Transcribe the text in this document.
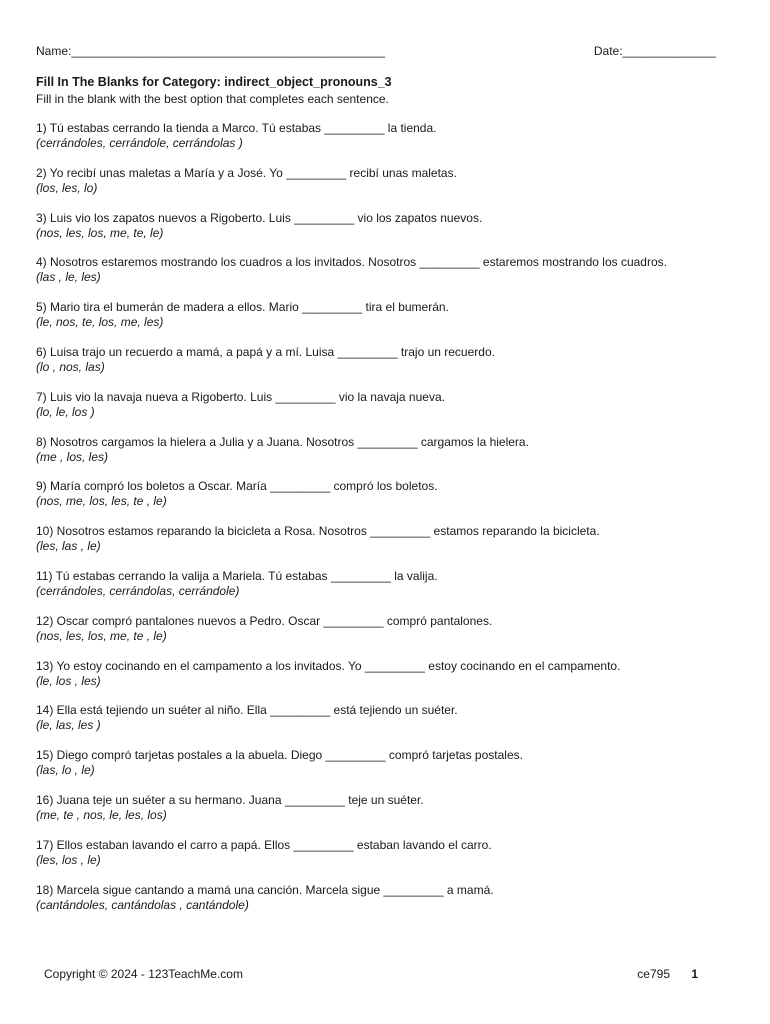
Name:_______________________________________________	Date:______________
Fill In The Blanks for Category: indirect_object_pronouns_3
Fill in the blank with the best option that completes each sentence.
1) Tú estabas cerrando la tienda a Marco. Tú estabas _________ la tienda.
(cerrándoles, cerrándole, cerrándolas )
2) Yo recibí unas maletas a María y a José. Yo _________ recibí unas maletas.
(los, les, lo)
3) Luis vio los zapatos nuevos a Rigoberto. Luis _________ vio los zapatos nuevos.
(nos, les, los, me, te, le)
4) Nosotros estaremos mostrando los cuadros a los invitados. Nosotros _________ estaremos mostrando los cuadros.
(las , le, les)
5) Mario tira el bumerán de madera a ellos. Mario _________ tira el bumerán.
(le, nos, te, los, me, les)
6) Luisa trajo un recuerdo a mamá, a papá y a mí. Luisa _________ trajo un recuerdo.
(lo , nos, las)
7) Luis vio la navaja nueva a Rigoberto. Luis _________ vio la navaja nueva.
(lo, le, los )
8) Nosotros cargamos la hielera a Julia y a Juana. Nosotros _________ cargamos la hielera.
(me , los, les)
9) María compró los boletos a Oscar. María _________ compró los boletos.
(nos, me, los, les, te , le)
10) Nosotros estamos reparando la bicicleta a Rosa. Nosotros _________ estamos reparando la bicicleta.
(les, las , le)
11) Tú estabas cerrando la valija a Mariela. Tú estabas _________ la valija.
(cerrándoles, cerrándolas, cerrándole)
12) Oscar compró pantalones nuevos a Pedro. Oscar _________ compró pantalones.
(nos, les, los, me, te , le)
13) Yo estoy cocinando en el campamento a los invitados. Yo _________ estoy cocinando en el campamento.
(le, los , les)
14) Ella está tejiendo un suéter al niño. Ella _________ está tejiendo un suéter.
(le, las, les )
15) Diego compró tarjetas postales a la abuela. Diego _________ compró tarjetas postales.
(las, lo , le)
16) Juana teje un suéter a su hermano. Juana _________ teje un suéter.
(me, te , nos, le, les, los)
17) Ellos estaban lavando el carro a papá. Ellos _________ estaban lavando el carro.
(les, los , le)
18) Marcela sigue cantando a mamá una canción. Marcela sigue _________ a mamá.
(cantándoles, cantándolas , cantándole)
Copyright © 2024 - 123TeachMe.com	ce795 1
